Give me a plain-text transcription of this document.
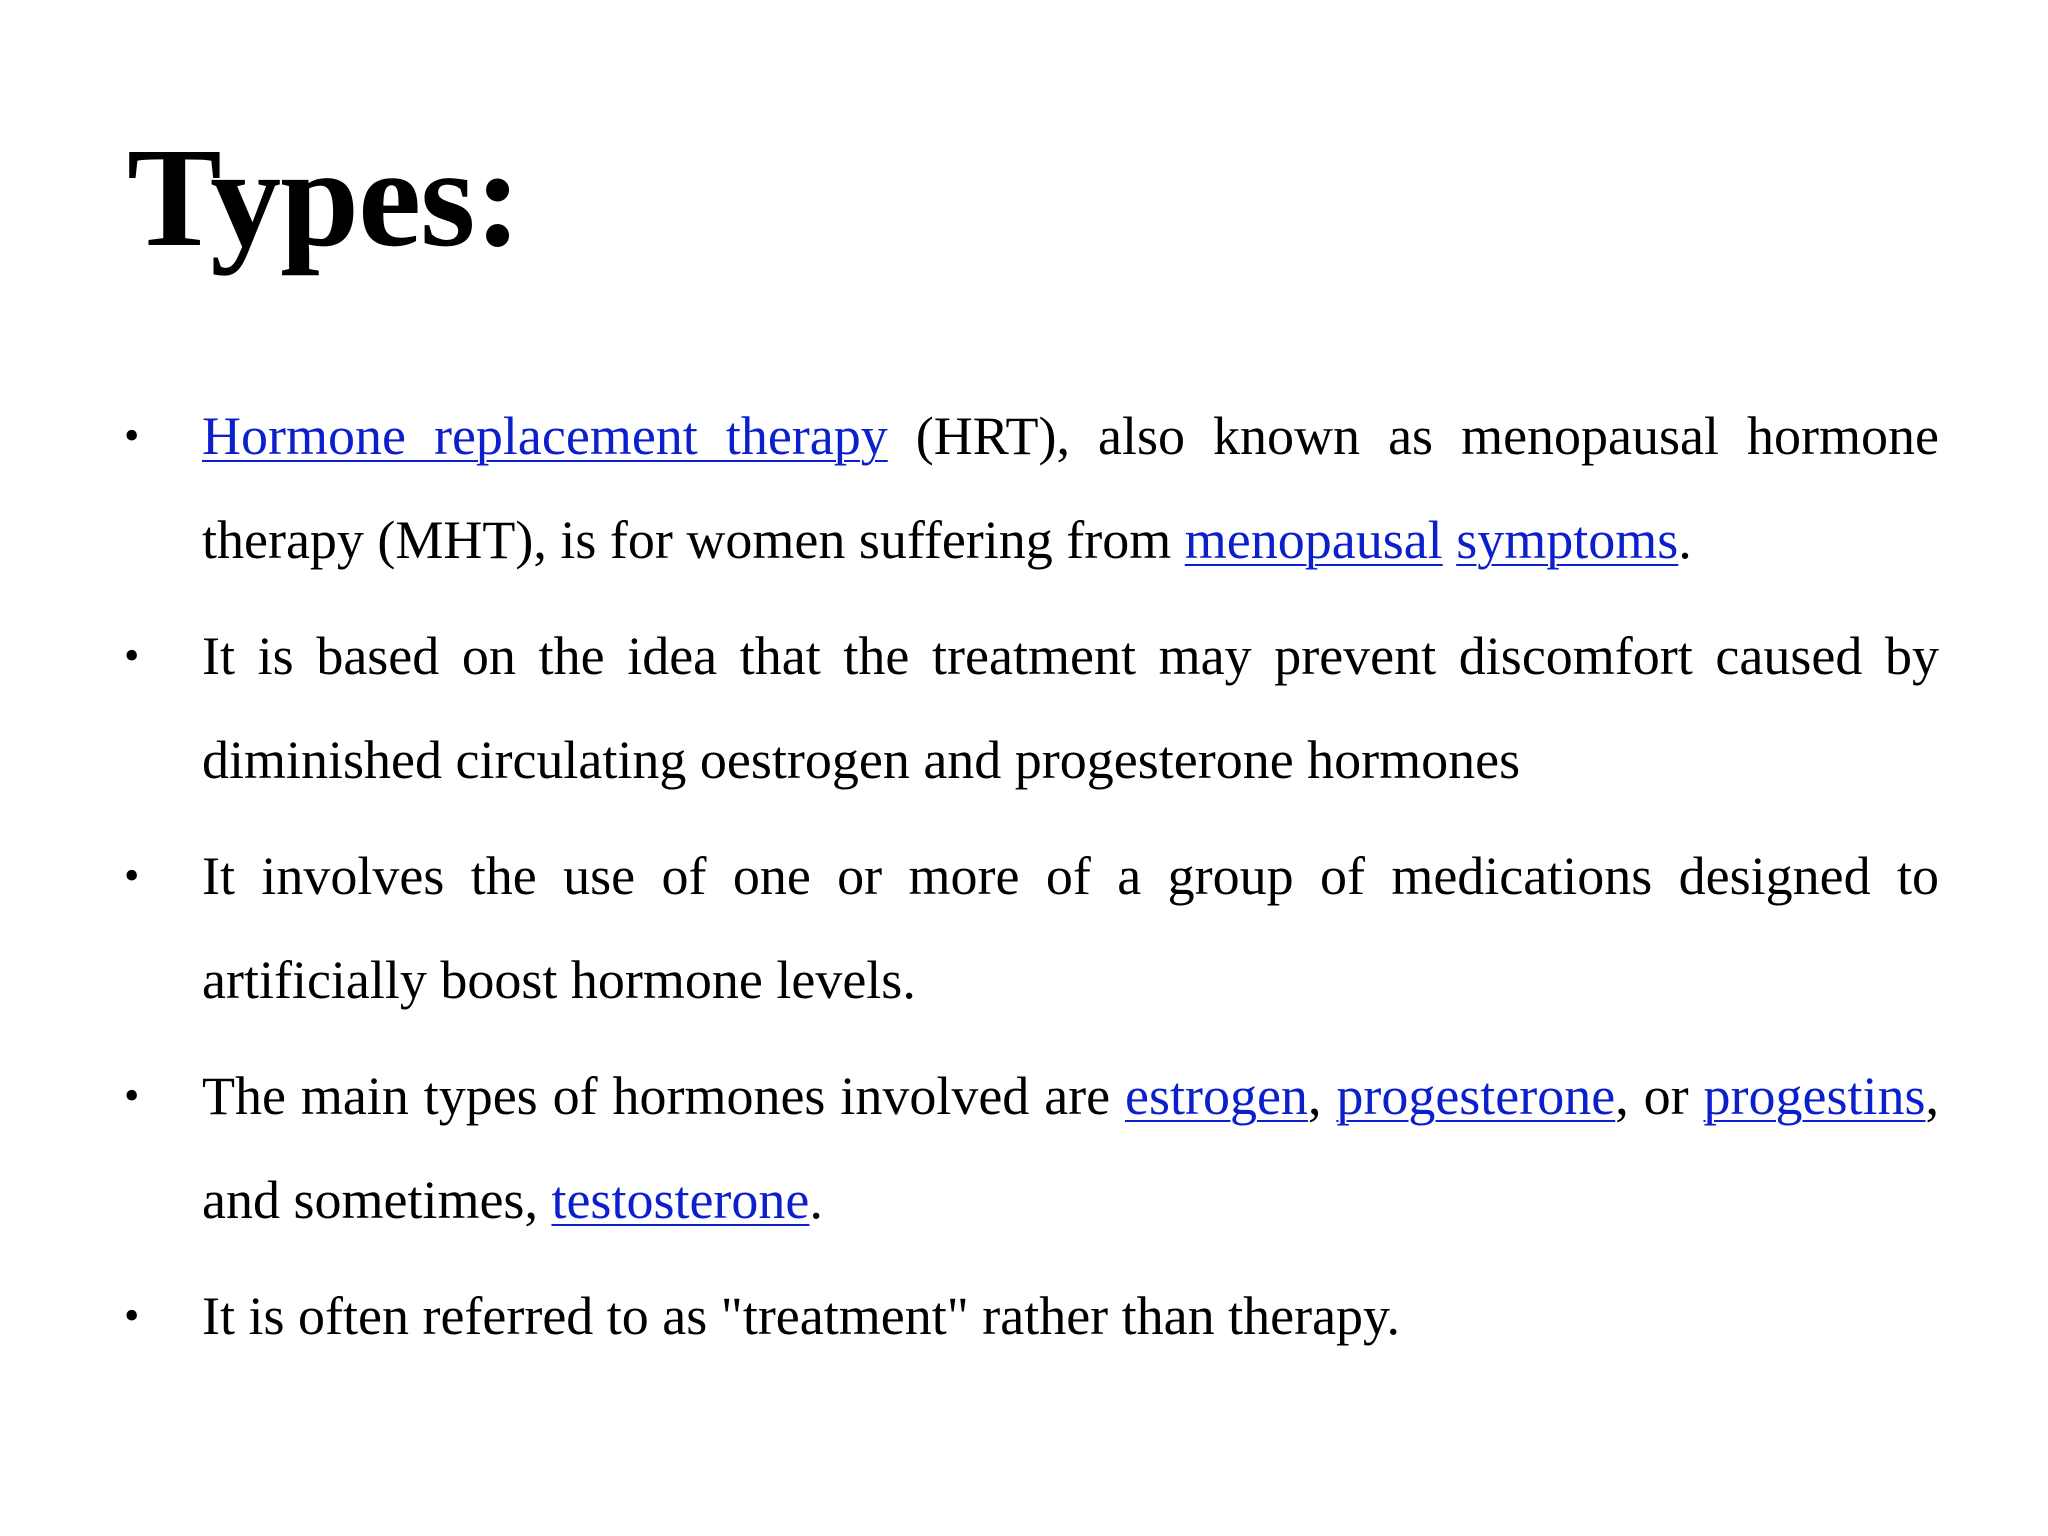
Types:
• Hormone replacement therapy (HRT), also known as menopausal hormone therapy (MHT), is for women suffering from menopausal symptoms.
• It is based on the idea that the treatment may prevent discomfort caused by diminished circulating oestrogen and progesterone hormones
• It involves the use of one or more of a group of medications designed to artificially boost hormone levels.
• The main types of hormones involved are estrogen, progesterone, or progestins, and sometimes, testosterone.
• It is often referred to as "treatment" rather than therapy.
